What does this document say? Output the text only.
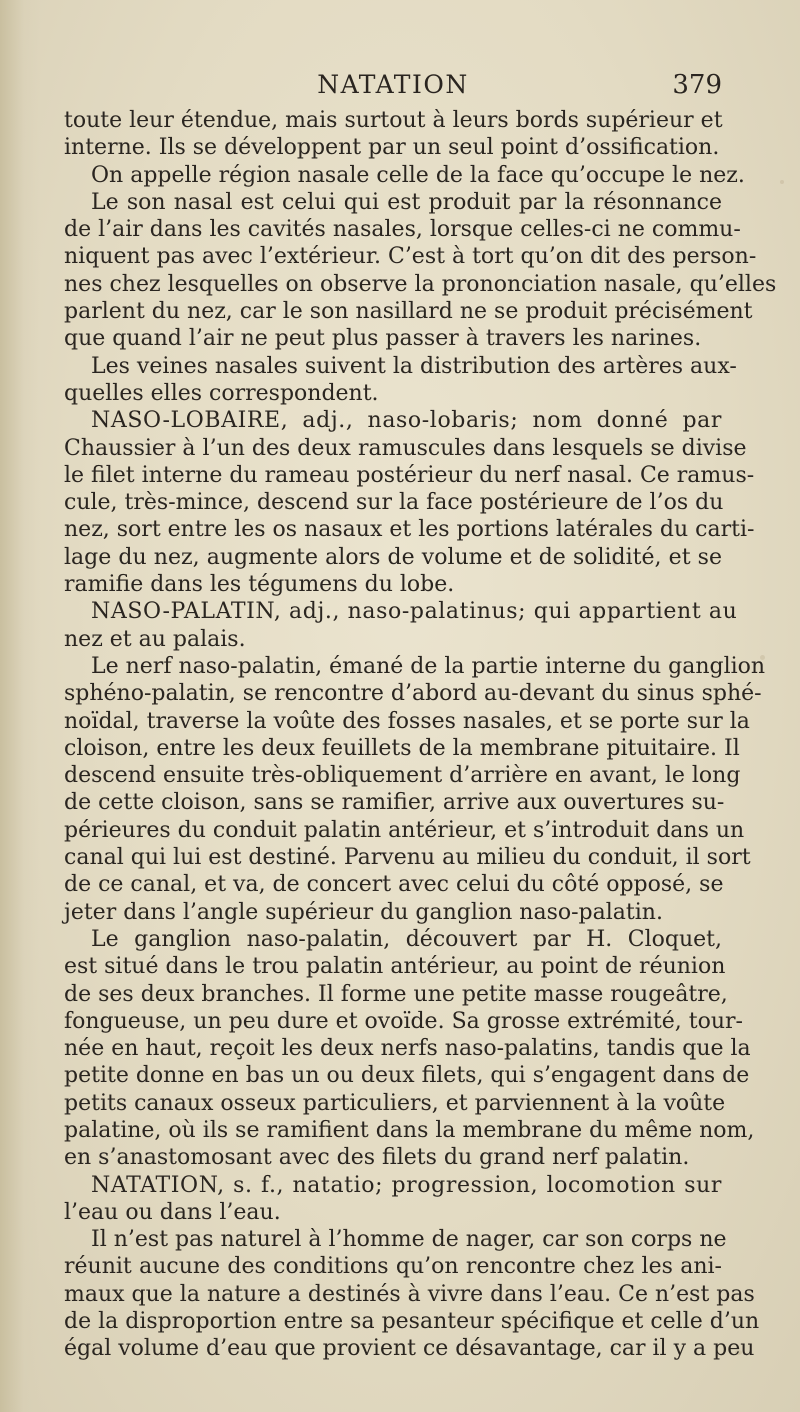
NATATION	379
toute leur étendue, mais surtout à leurs bords supérieur et
interne. Ils se développent par un seul point d’ossification.
On appelle région nasale celle de la face qu’occupe le nez.
Le son nasal est celui qui est produit par la résonnance
de l’air dans les cavités nasales, lorsque celles-ci ne commu-
niquent pas avec l’extérieur. C’est à tort qu’on dit des person-
nes chez lesquelles on observe la prononciation nasale, qu’elles
parlent du nez, car le son nasillard ne se produit précisément
que quand l’air ne peut plus passer à travers les narines.
Les veines nasales suivent la distribution des artères aux-
quelles elles correspondent.
NASO-LOBAIRE, adj., naso-lobaris; nom donné par
Chaussier à l’un des deux ramuscules dans lesquels se divise
le filet interne du rameau postérieur du nerf nasal. Ce ramus-
cule, très-mince, descend sur la face postérieure de l’os du
nez, sort entre les os nasaux et les portions latérales du carti-
lage du nez, augmente alors de volume et de solidité, et se
ramifie dans les tégumens du lobe.
NASO-PALATIN, adj., naso-palatinus; qui appartient au
nez et au palais.
Le nerf naso-palatin, émané de la partie interne du ganglion
sphéno-palatin, se rencontre d’abord au-devant du sinus sphé-
noïdal, traverse la voûte des fosses nasales, et se porte sur la
cloison, entre les deux feuillets de la membrane pituitaire. Il
descend ensuite très-obliquement d’arrière en avant, le long
de cette cloison, sans se ramifier, arrive aux ouvertures su-
périeures du conduit palatin antérieur, et s’introduit dans un
canal qui lui est destiné. Parvenu au milieu du conduit, il sort
de ce canal, et va, de concert avec celui du côté opposé, se
jeter dans l’angle supérieur du ganglion naso-palatin.
Le ganglion naso-palatin, découvert par H. Cloquet,
est situé dans le trou palatin antérieur, au point de réunion
de ses deux branches. Il forme une petite masse rougeâtre,
fongueuse, un peu dure et ovoïde. Sa grosse extrémité, tour-
née en haut, reçoit les deux nerfs naso-palatins, tandis que la
petite donne en bas un ou deux filets, qui s’engagent dans de
petits canaux osseux particuliers, et parviennent à la voûte
palatine, où ils se ramifient dans la membrane du même nom,
en s’anastomosant avec des filets du grand nerf palatin.
NATATION, s. f., natatio; progression, locomotion sur
l’eau ou dans l’eau.
Il n’est pas naturel à l’homme de nager, car son corps ne
réunit aucune des conditions qu’on rencontre chez les ani-
maux que la nature a destinés à vivre dans l’eau. Ce n’est pas
de la disproportion entre sa pesanteur spécifique et celle d’un
égal volume d’eau que provient ce désavantage, car il y a peu
